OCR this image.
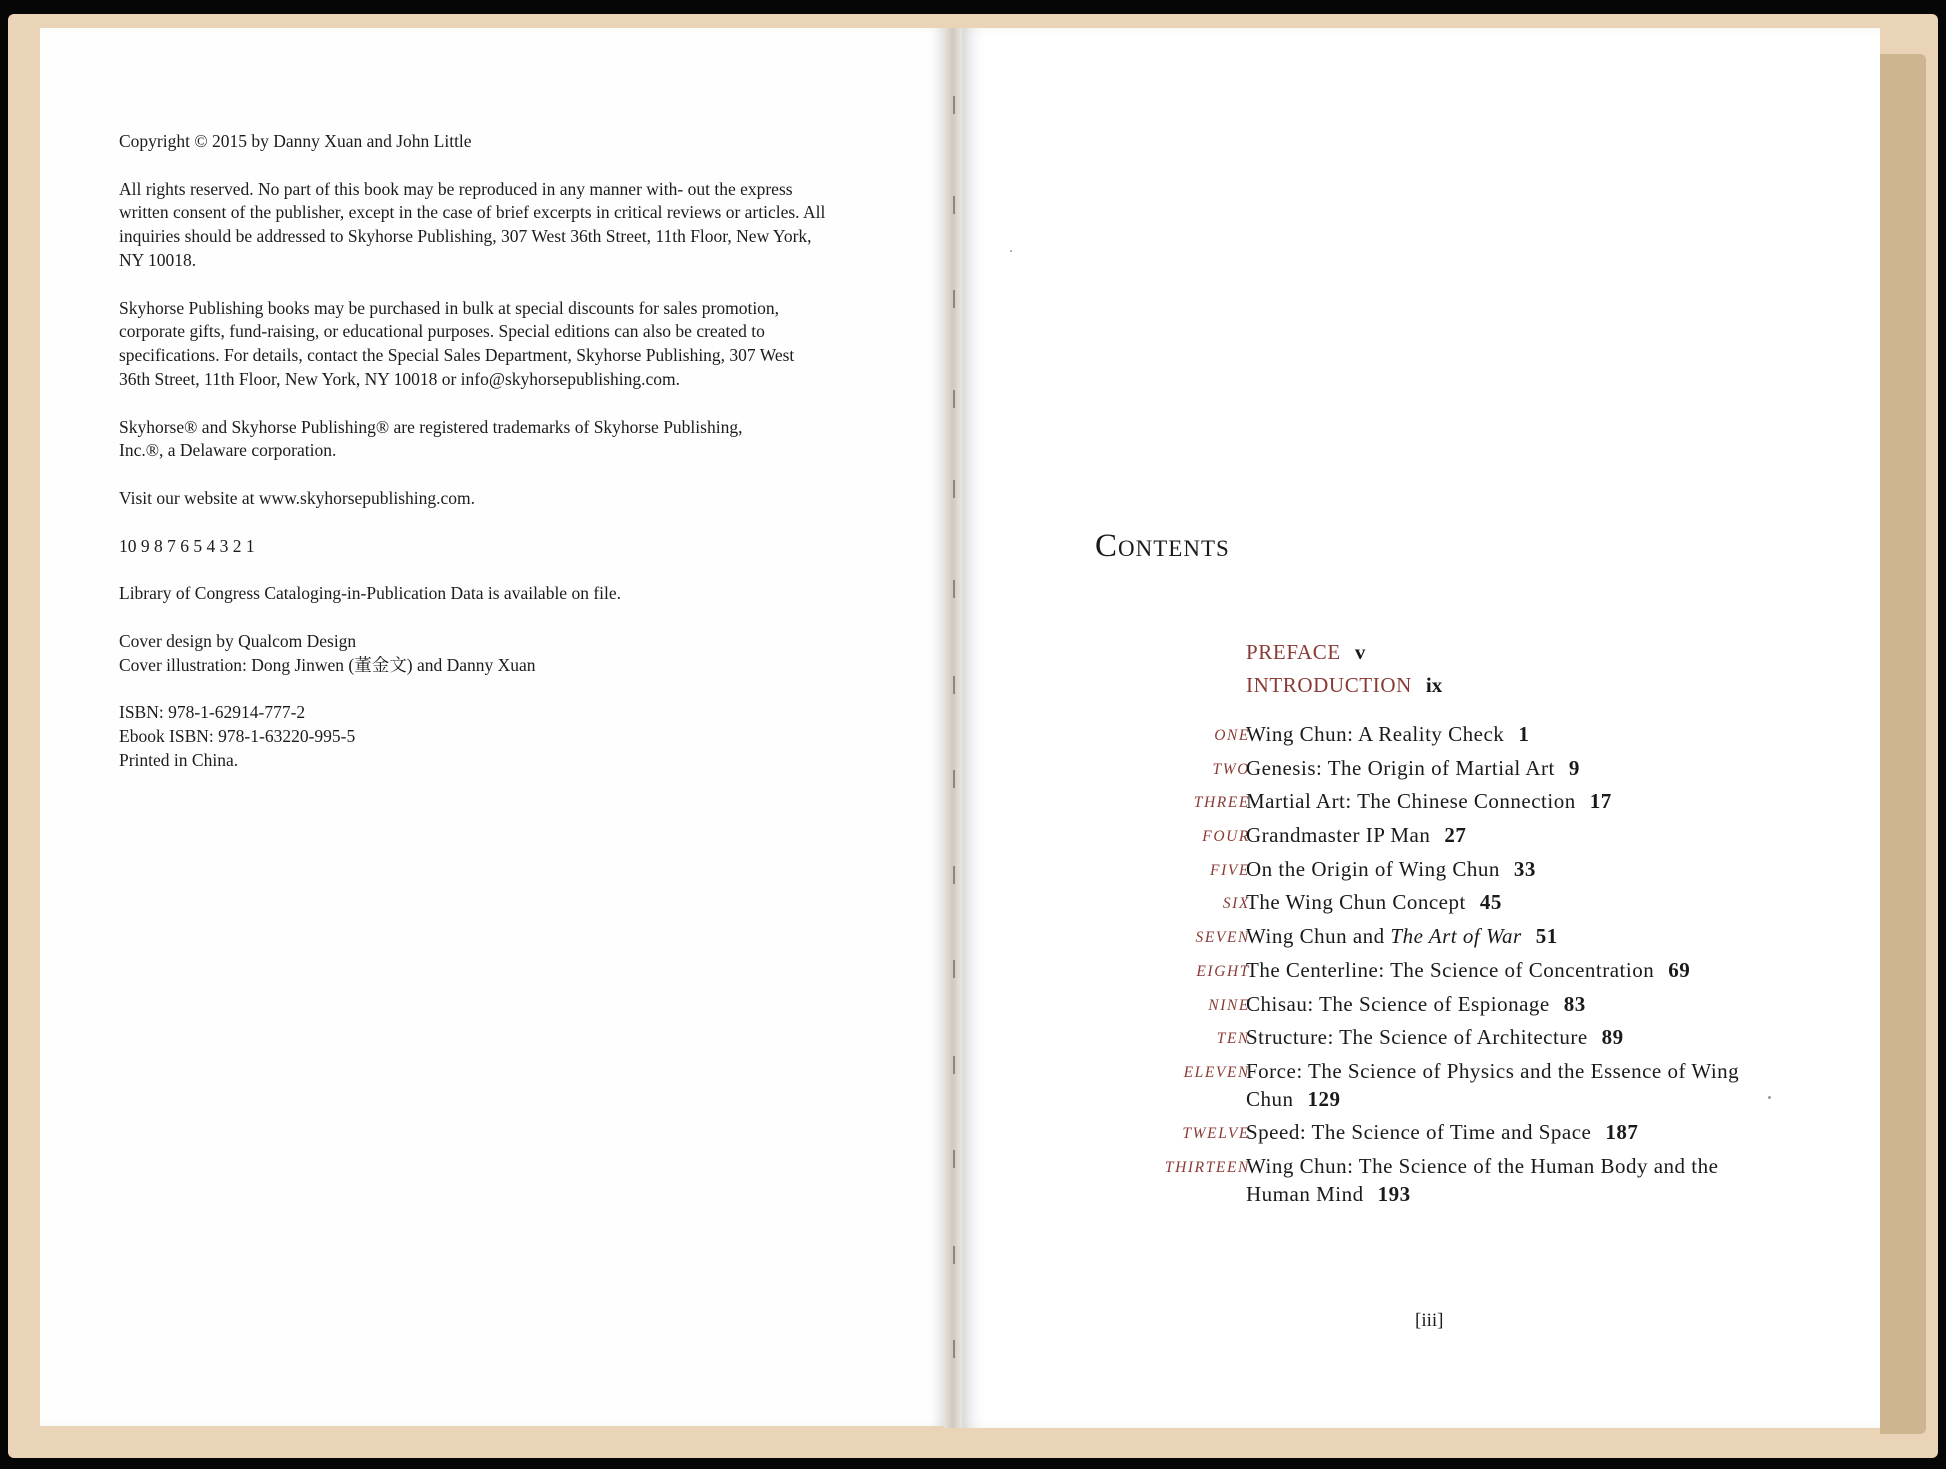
Copyright © 2015 by Danny Xuan and John Little

All rights reserved. No part of this book may be reproduced in any manner with- out the express written consent of the publisher, except in the case of brief excerpts in critical reviews or articles. All inquiries should be addressed to Skyhorse Publishing, 307 West 36th Street, 11th Floor, New York, NY 10018.

Skyhorse Publishing books may be purchased in bulk at special discounts for sales promotion, corporate gifts, fund-raising, or educational purposes. Special editions can also be created to specifications. For details, contact the Special Sales Department, Skyhorse Publishing, 307 West 36th Street, 11th Floor, New York, NY 10018 or info@skyhorsepublishing.com.

Skyhorse® and Skyhorse Publishing® are registered trademarks of Skyhorse Publishing, Inc.®, a Delaware corporation.

Visit our website at www.skyhorsepublishing.com.

10 9 8 7 6 5 4 3 2 1

Library of Congress Cataloging-in-Publication Data is available on file.

Cover design by Qualcom Design
Cover illustration: Dong Jinwen (董金文) and Danny Xuan

ISBN: 978-1-62914-777-2
Ebook ISBN: 978-1-63220-995-5
Printed in China.

Contents
PREFACE v
INTRODUCTION ix
ONE
Wing Chun: A Reality Check 1
TWO
Genesis: The Origin of Martial Art 9
THREE
Martial Art: The Chinese Connection 17
FOUR
Grandmaster IP Man 27
FIVE
On the Origin of Wing Chun 33
SIX
The Wing Chun Concept 45
SEVEN
Wing Chun and The Art of War 51
EIGHT
The Centerline: The Science of Concentration 69
NINE
Chisau: The Science of Espionage 83
TEN
Structure: The Science of Architecture 89
ELEVEN
Force: The Science of Physics and the Essence of Wing Chun 129
TWELVE
Speed: The Science of Time and Space 187
THIRTEEN
Wing Chun: The Science of the Human Body and the Human Mind 193
[iii]
